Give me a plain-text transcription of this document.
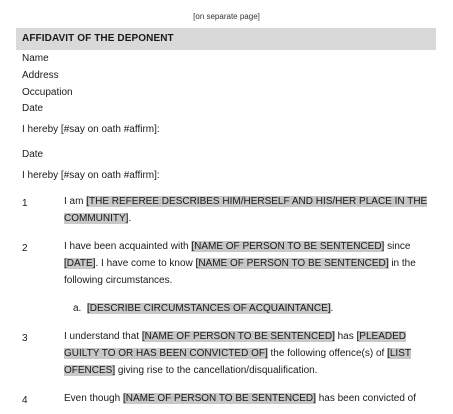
[on separate page]
AFFIDAVIT OF THE DEPONENT
Name
Address
Occupation
Date
I hereby [#say on oath #affirm]:
Date
I hereby [#say on oath #affirm]:
1	I am [THE REFEREE DESCRIBES HIM/HERSELF AND HIS/HER PLACE IN THE
COMMUNITY].
2	I have been acquainted with [NAME OF PERSON TO BE SENTENCED] since
[DATE]. I have come to know [NAME OF PERSON TO BE SENTENCED] in the
following circumstances.
a. [DESCRIBE CIRCUMSTANCES OF ACQUAINTANCE].
3	I understand that [NAME OF PERSON TO BE SENTENCED] has [PLEADED
GUILTY TO OR HAS BEEN CONVICTED OF] the following offence(s) of [LIST
OFENCES] giving rise to the cancellation/disqualification.
4	Even though [NAME OF PERSON TO BE SENTENCED] has been convicted of
